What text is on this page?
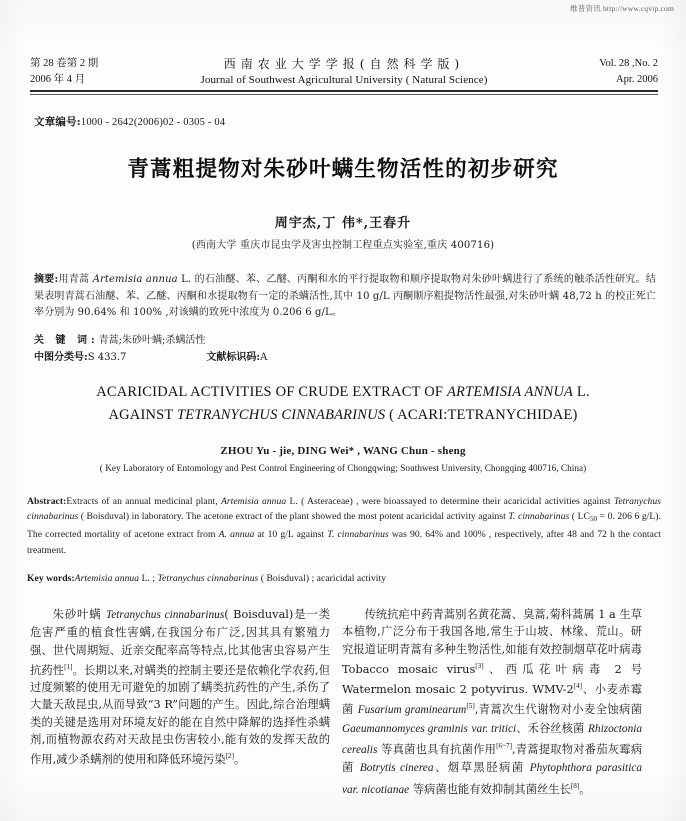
维普资讯 http://www.cqvip.com
第 28 卷第 2 期
2006 年 4 月
西南农业大学学报(自然科学版)
Journal of Southwest Agricultural University ( Natural Science)
Vol. 28 ,No. 2
Apr. 2006
文章编号:1000 - 2642(2006)02 - 0305 - 04
青蒿粗提物对朱砂叶螨生物活性的初步研究
周宇杰,丁 伟*,王春升
(西南大学 重庆市昆虫学及害虫控制工程重点实验室,重庆 400716)
摘要:用青蒿 Artemisia annua L. 的石油醚、苯、乙醚、丙酮和水的平行提取物和顺序提取物对朱砂叶螨进行了系统的触杀活性研究。结果表明青蒿石油醚、苯、乙醚、丙酮和水提取物有一定的杀螨活性,其中 10 g/L 丙酮顺序粗提物活性最强,对朱砂叶螨 48,72 h 的校正死亡率分别为 90.64% 和 100% ,对该螨的致死中浓度为 0.206 6 g/L。
关 键 词:青蒿;朱砂叶螨;杀螨活性
中图分类号:S 433.7	文献标识码:A
ACARICIDAL ACTIVITIES OF CRUDE EXTRACT OF ARTEMISIA ANNUA L.
AGAINST TETRANYCHUS CINNABARINUS ( ACARI:TETRANYCHIDAE)
ZHOU Yu - jie, DING Wei* , WANG Chun - sheng
( Key Laboratory of Entomology and Pest Control Engineering of Chongqwing; Southwest University, Chongqing 400716, China)
Abstract:Extracts of an annual medicinal plant, Artemisia annua L. ( Asteraceae) , were bioassayed to determine their acaricidal activities against Tetranychus cinnabarinus ( Boisduval) in laboratory. The acetone extract of the plant showed the most potent acaricidal activity against T. cinnabarinus ( $LC_{50} = 0$. 206 6 g/L). The corrected mortality of acetone extract from A. annua at 10 g/L against T. cinnabarinus was 90. 64% and 100% , respectively, after 48 and 72 h the contact treatment.
Key words:Artemisia annua L. ; Tetranychus cinnabarinus ( Boisduval) ; acaricidal activity

朱砂叶螨 Tetranychus cinnabarinus( Boisduval)是一类危害严重的植食性害螨,在我国分布广泛,因其具有繁殖力强、世代周期短、近亲交配率高等特点,比其他害虫容易产生抗药性[1]。长期以来,对螨类的控制主要还是依赖化学农药,但过度频繁的使用无可避免的加剧了螨类抗药性的产生,杀伤了大量天敌昆虫,从而导致“3 R”问题的产生。因此,综合治理螨类的关键是选用对环境友好的能在自然中降解的选择性杀螨剂,而植物源农药对天敌昆虫伤害较小,能有效的发挥天敌的作用,减少杀螨剂的使用和降低环境污染[2]。

传统抗疟中药青蒿别名黄花蒿、臭蒿,菊科蒿属 1 a 生草本植物,广泛分布于我国各地,常生于山坡、林缘、荒山。研究报道证明青蒿有多种生物活性,如能有效控制烟草花叶病毒 Tobacco mosaic virus[3]、西瓜花叶病毒 2 号 Watermelon mosaic 2 potyvirus. WMV-2[4]、小麦赤霉菌 Fusarium graminearum[5],青蒿次生代谢物对小麦全蚀病菌 Gaeumannomyces graminis var. tritici、禾谷丝核菌 Rhizoctonia cerealis 等真菌也具有抗菌作用[6~7],青蒿提取物对番茄灰霉病菌 Botrytis cinerea、烟草黑胫病菌 Phytophthora parasitica var. nicotianae 等病菌也能有效抑制其菌丝生长[8]。
